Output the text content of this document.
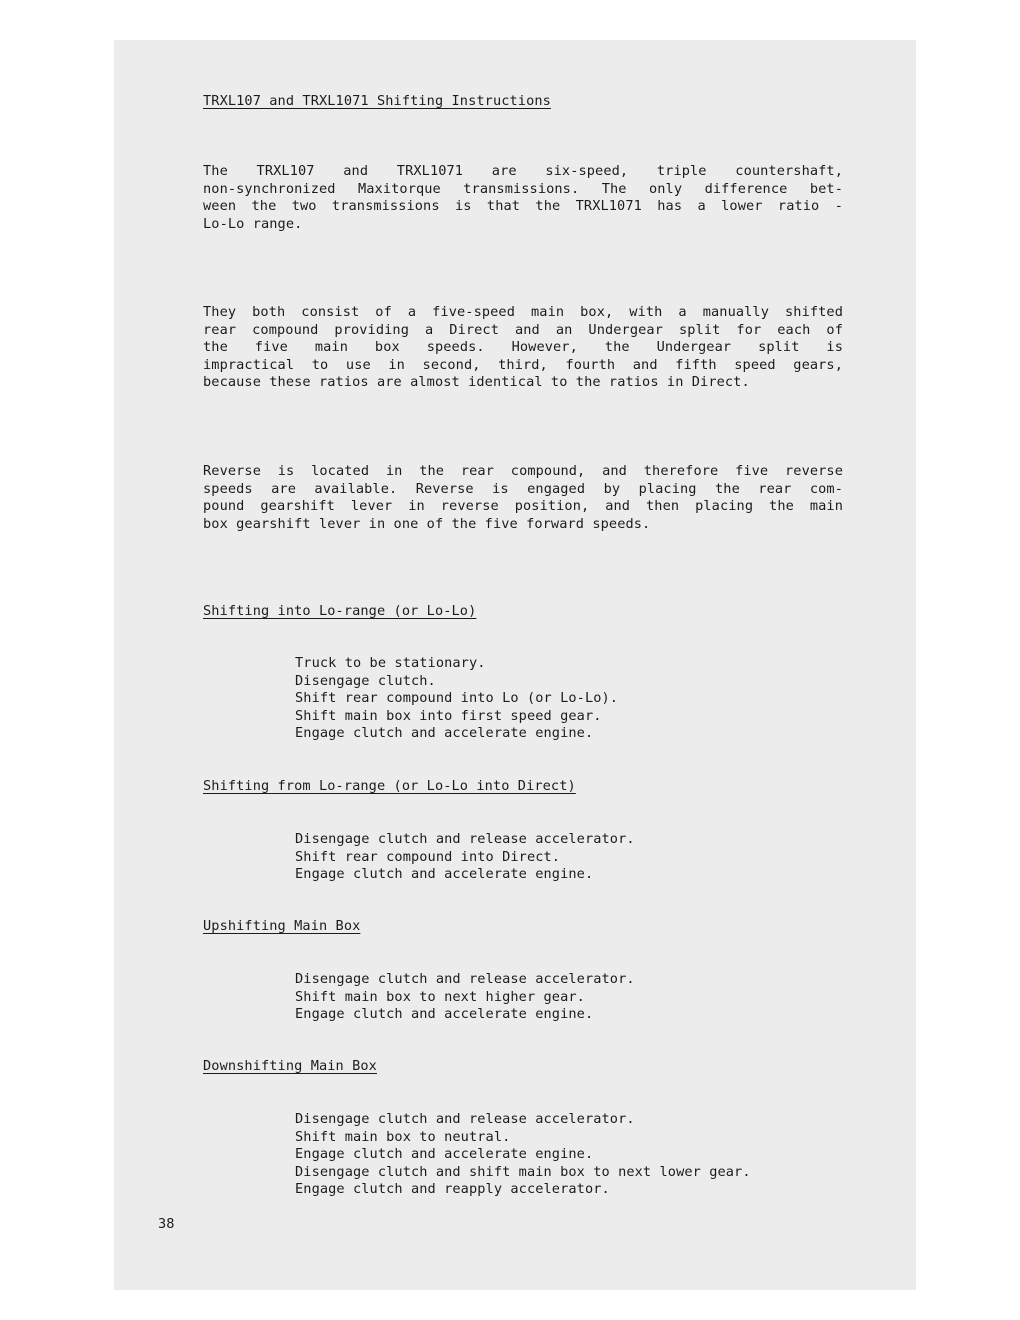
TRXL107 and TRXL1071 Shifting Instructions
The TRXL107 and TRXL1071 are six-speed, triple countershaft,
non-synchronized Maxitorque transmissions. The only difference bet-
ween the two transmissions is that the TRXL1071 has a lower ratio -
Lo-Lo range.
They both consist of a five-speed main box, with a manually shifted
rear compound providing a Direct and an Undergear split for each of
the five main box speeds. However, the Undergear split is
impractical to use in second, third, fourth and fifth speed gears,
because these ratios are almost identical to the ratios in Direct.
Reverse is located in the rear compound, and therefore five reverse
speeds are available. Reverse is engaged by placing the rear com-
pound gearshift lever in reverse position, and then placing the main
box gearshift lever in one of the five forward speeds.
Shifting into Lo-range (or Lo-Lo)
Truck to be stationary.
Disengage clutch.
Shift rear compound into Lo (or Lo-Lo).
Shift main box into first speed gear.
Engage clutch and accelerate engine.
Shifting from Lo-range (or Lo-Lo into Direct)
Disengage clutch and release accelerator.
Shift rear compound into Direct.
Engage clutch and accelerate engine.
Upshifting Main Box
Disengage clutch and release accelerator.
Shift main box to next higher gear.
Engage clutch and accelerate engine.
Downshifting Main Box
Disengage clutch and release accelerator.
Shift main box to neutral.
Engage clutch and accelerate engine.
Disengage clutch and shift main box to next lower gear.
Engage clutch and reapply accelerator.
38
